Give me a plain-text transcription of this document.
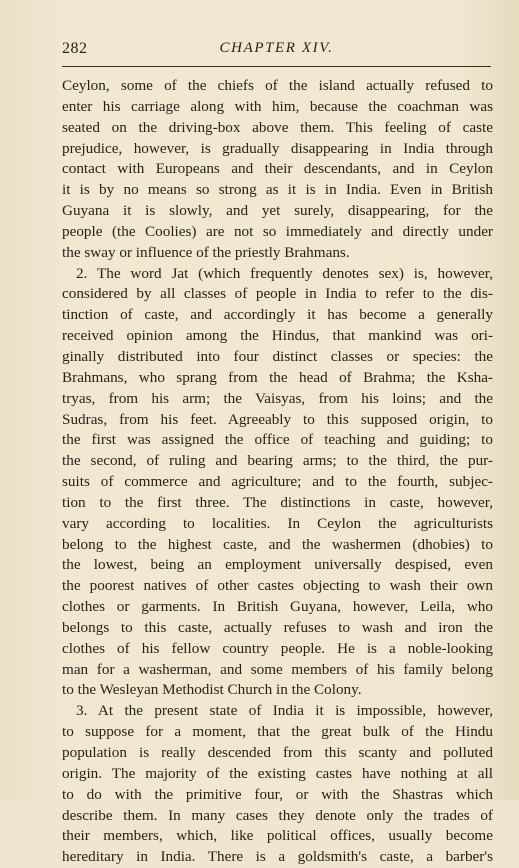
282	CHAPTER XIV.
Ceylon, some of the chiefs of the island actually refused to
enter his carriage along with him, because the coachman was
seated on the driving-box above them. This feeling of caste
prejudice, however, is gradually disappearing in India through
contact with Europeans and their descendants, and in Ceylon
it is by no means so strong as it is in India. Even in British
Guyana it is slowly, and yet surely, disappearing, for the
people (the Coolies) are not so immediately and directly under
the sway or influence of the priestly Brahmans.
2. The word Jat (which frequently denotes sex) is, however,
considered by all classes of people in India to refer to the dis-
tinction of caste, and accordingly it has become a generally
received opinion among the Hindus, that mankind was ori-
ginally distributed into four distinct classes or species: the
Brahmans, who sprang from the head of Brahma; the Ksha-
tryas, from his arm; the Vaisyas, from his loins; and the
Sudras, from his feet. Agreeably to this supposed origin, to
the first was assigned the office of teaching and guiding; to
the second, of ruling and bearing arms; to the third, the pur-
suits of commerce and agriculture; and to the fourth, subjec-
tion to the first three. The distinctions in caste, however,
vary according to localities. In Ceylon the agriculturists
belong to the highest caste, and the washermen (dhobies) to
the lowest, being an employment universally despised, even
the poorest natives of other castes objecting to wash their own
clothes or garments. In British Guyana, however, Leila, who
belongs to this caste, actually refuses to wash and iron the
clothes of his fellow country people. He is a noble-looking
man for a washerman, and some members of his family belong
to the Wesleyan Methodist Church in the Colony.
3. At the present state of India it is impossible, however,
to suppose for a moment, that the great bulk of the Hindu
population is really descended from this scanty and polluted
origin. The majority of the existing castes have nothing at all
to do with the primitive four, or with the Shastras which
describe them. In many cases they denote only the trades of
their members, which, like political offices, usually become
hereditary in India. There is a goldsmith's caste, a barber's
